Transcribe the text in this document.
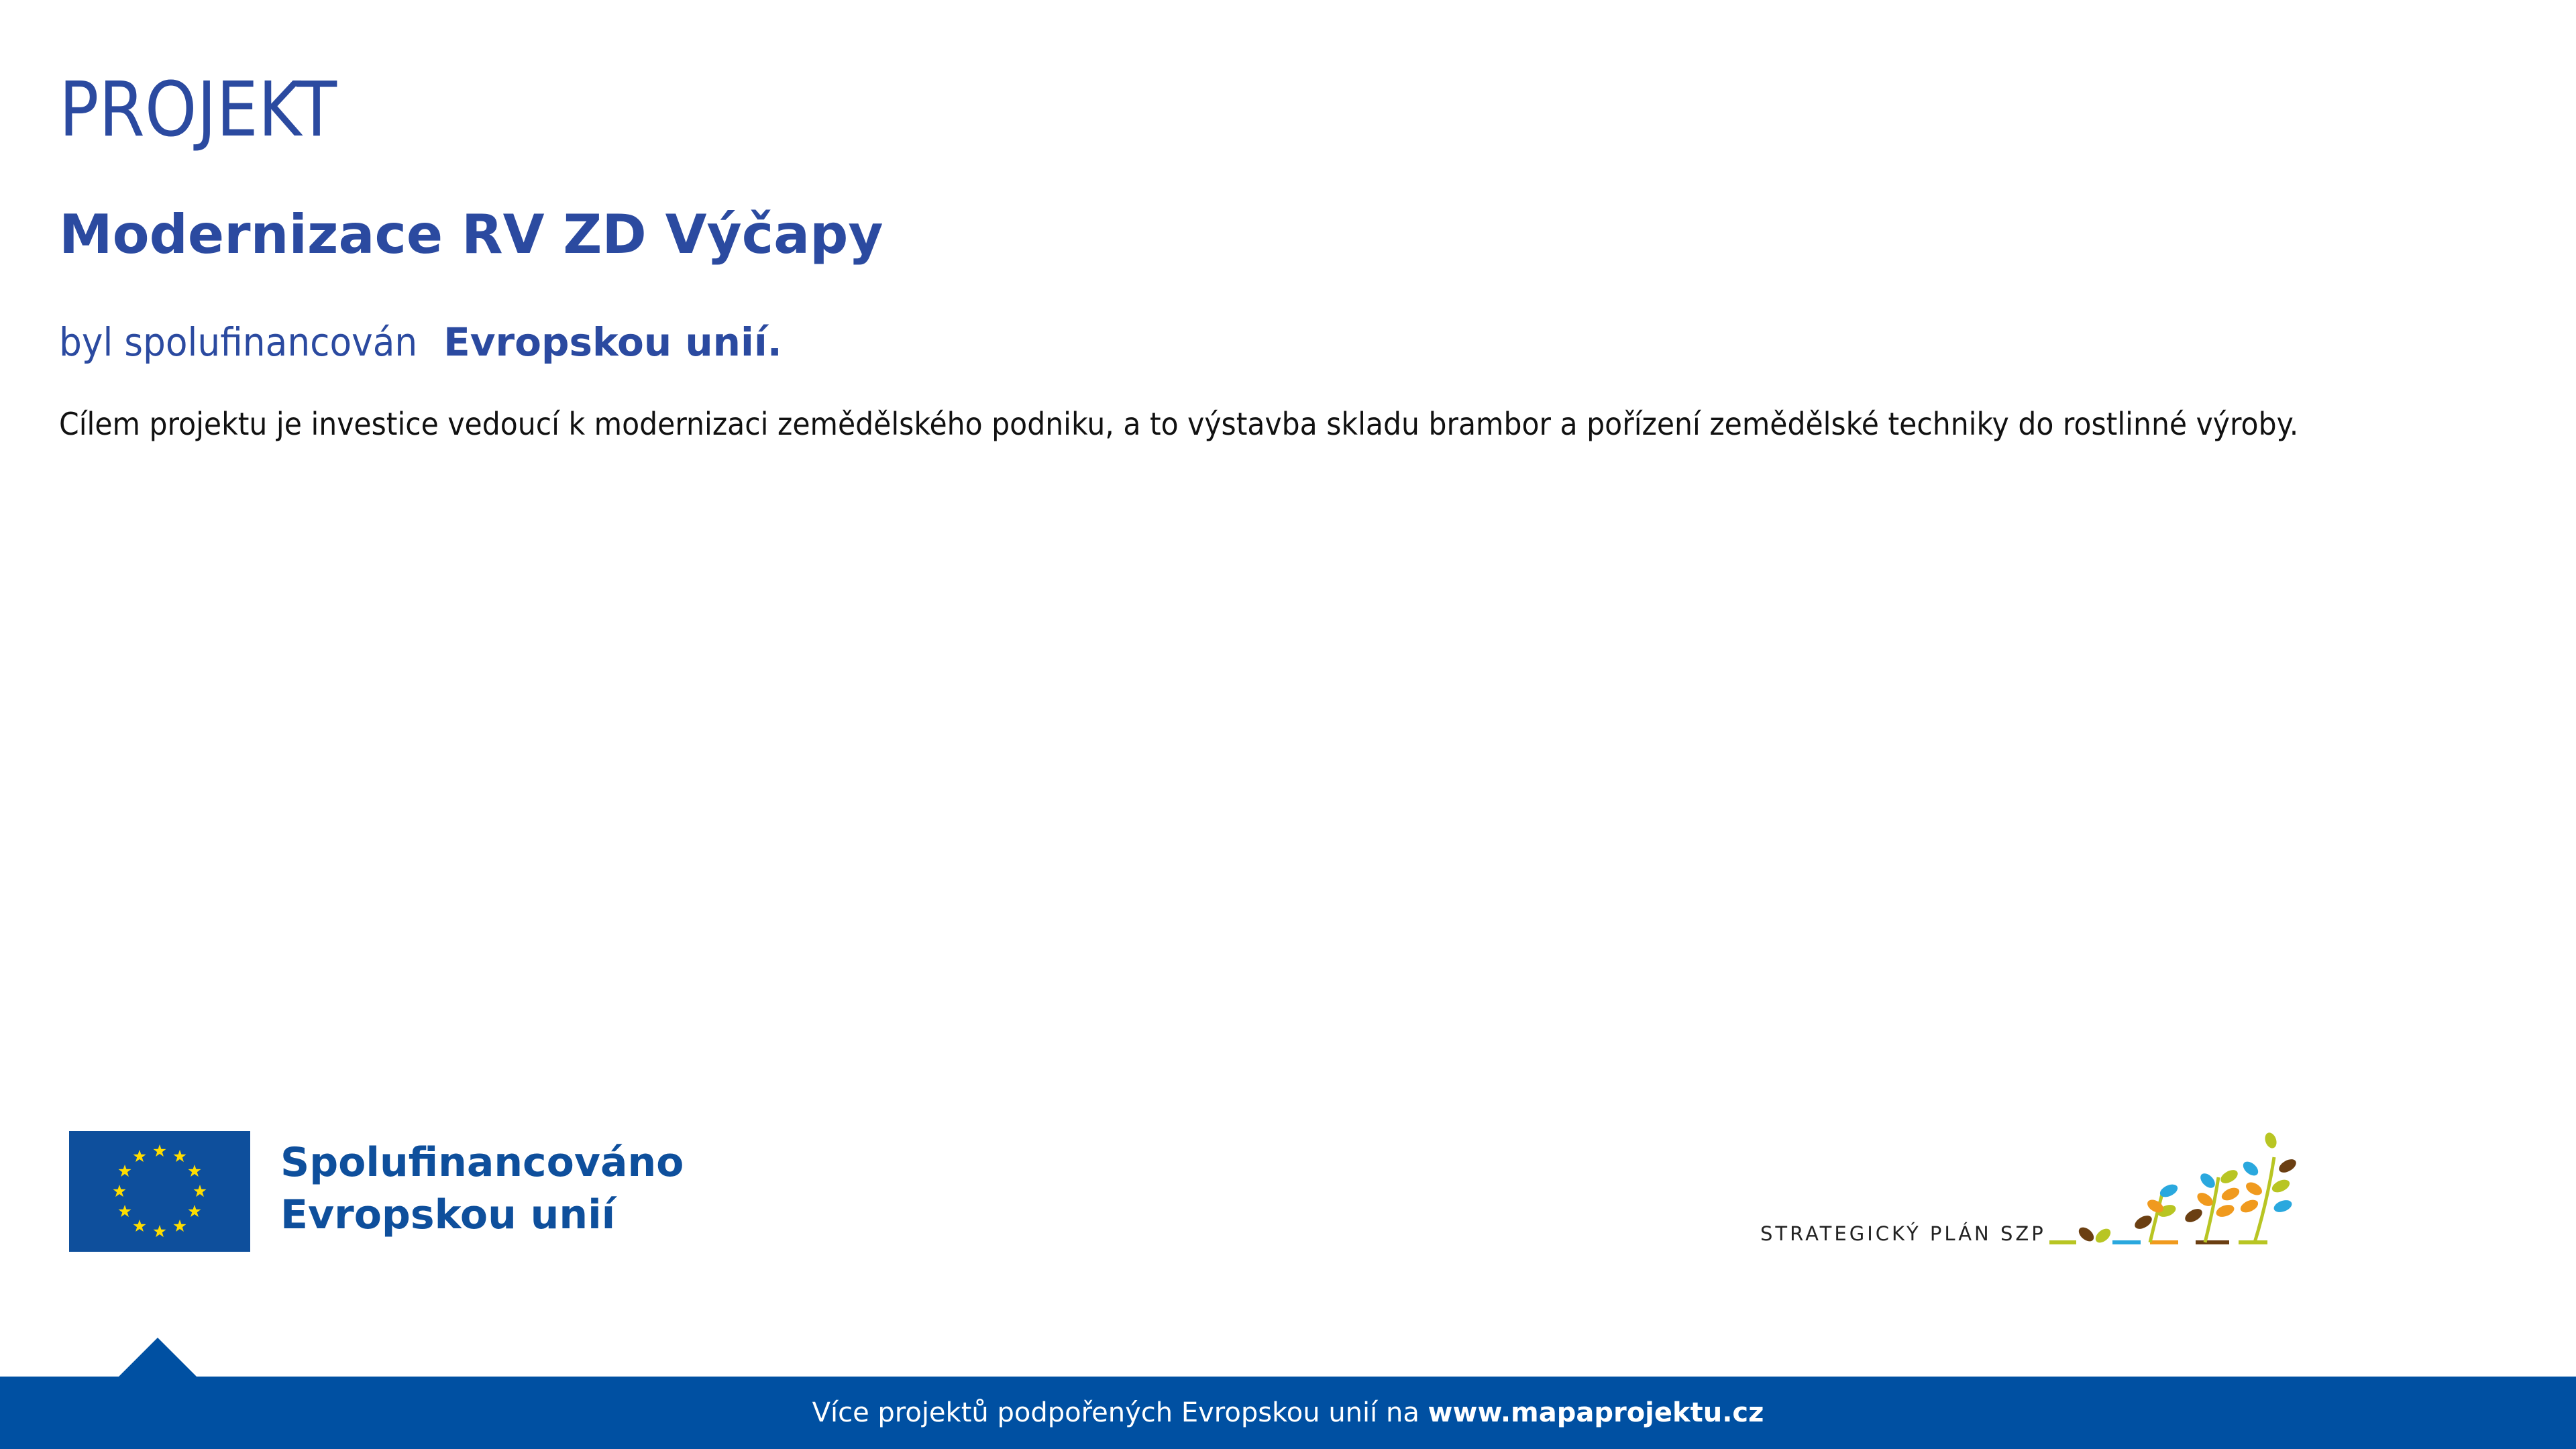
PROJEKT
Modernizace RV ZD Výčapy

byl spolufinancován Evropskou unií.

Cílem projektu je investice vedoucí k modernizaci zemědělského podniku, a to výstavba skladu brambor a pořízení zemědělské techniky do rostlinné výroby.

Spolufinancováno
Evropskou unií	STRATEGICKÝ PLÁN SZP
Více projektů podpořených Evropskou unií na www.mapaprojektu.cz
